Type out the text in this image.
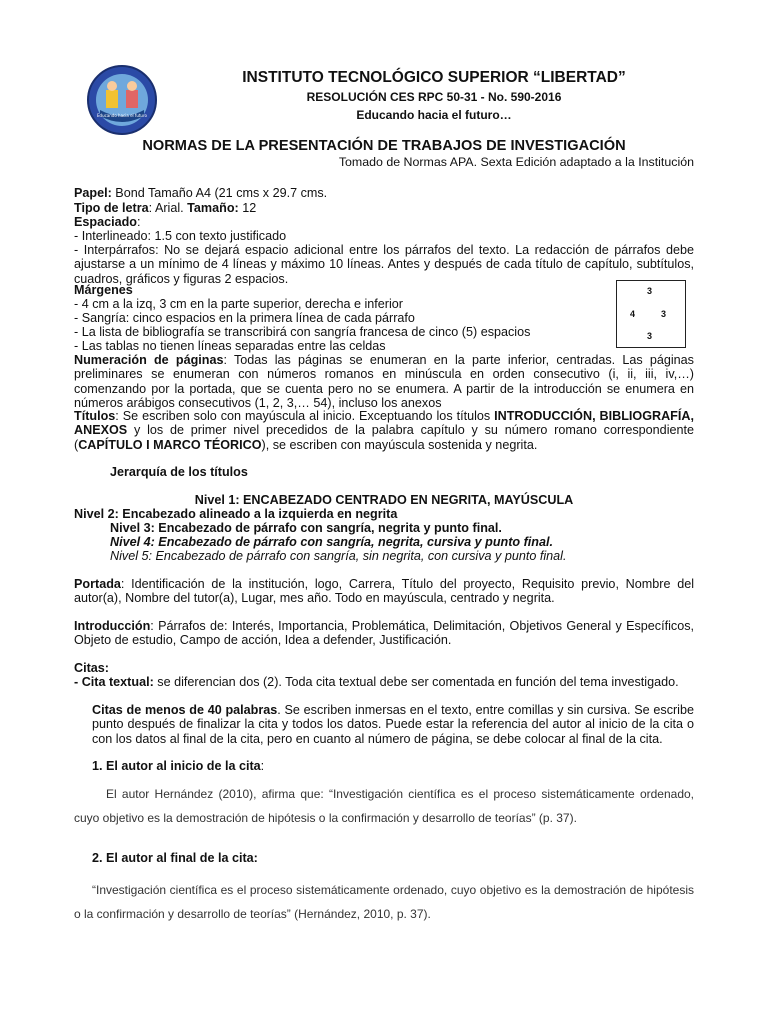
Educando hacia el futuro
INSTITUTO TECNOLÓGICO SUPERIOR “LIBERTAD”
RESOLUCIÓN CES RPC 50-31 - No. 590-2016
Educando hacia el futuro…
NORMAS DE LA PRESENTACIÓN DE TRABAJOS DE INVESTIGACIÓN
Tomado de Normas APA. Sexta Edición adaptado a la Institución
Papel: Bond Tamaño A4 (21 cms x 29.7 cms.
Tipo de letra: Arial. Tamaño: 12
Espaciado:
- Interlineado: 1.5 con texto justificado
- Interpárrafos: No se dejará espacio adicional entre los párrafos del texto. La redacción de párrafos debe ajustarse a un mínimo de 4 líneas y máximo 10 líneas. Antes y después de cada título de capítulo, subtítulos, cuadros, gráficos y figuras 2 espacios.
Márgenes
- 4 cm a la izq, 3 cm en la parte superior, derecha e inferior
- Sangría: cinco espacios en la primera línea de cada párrafo
- La lista de bibliografía se transcribirá con sangría francesa de cinco (5) espacios
- Las tablas no tienen líneas separadas entre las celdas
3
4	3
3
Numeración de páginas: Todas las páginas se enumeran en la parte inferior, centradas. Las páginas preliminares se enumeran con números romanos en minúscula en orden consecutivo (i, ii, iii, iv,…) comenzando por la portada, que se cuenta pero no se enumera. A partir de la introducción se enumera en números arábigos consecutivos (1, 2, 3,… 54), incluso los anexos
Títulos: Se escriben solo con mayúscula al inicio. Exceptuando los títulos INTRODUCCIÓN, BIBLIOGRAFÍA, ANEXOS y los de primer nivel precedidos de la palabra capítulo y su número romano correspondiente (CAPÍTULO I MARCO TÉORICO), se escriben con mayúscula sostenida y negrita.
Jerarquía de los títulos
Nivel 1: ENCABEZADO CENTRADO EN NEGRITA, MAYÚSCULA
Nivel 2: Encabezado alineado a la izquierda en negrita
Nivel 3: Encabezado de párrafo con sangría, negrita y punto final.
Nivel 4: Encabezado de párrafo con sangría, negrita, cursiva y punto final.
Nivel 5: Encabezado de párrafo con sangría, sin negrita, con cursiva y punto final.
Portada: Identificación de la institución, logo, Carrera, Título del proyecto, Requisito previo, Nombre del autor(a), Nombre del tutor(a), Lugar, mes año. Todo en mayúscula, centrado y negrita.
Introducción: Párrafos de: Interés, Importancia, Problemática, Delimitación, Objetivos General y Específicos, Objeto de estudio, Campo de acción, Idea a defender, Justificación.
Citas:
- Cita textual: se diferencian dos (2). Toda cita textual debe ser comentada en función del tema investigado.
Citas de menos de 40 palabras. Se escriben inmersas en el texto, entre comillas y sin cursiva. Se escribe punto después de finalizar la cita y todos los datos. Puede estar la referencia del autor al inicio de la cita o con los datos al final de la cita, pero en cuanto al número de página, se debe colocar al final de la cita.
1. El autor al inicio de la cita:
El autor Hernández (2010), afirma que: “Investigación científica es el proceso sistemáticamente ordenado, cuyo objetivo es la demostración de hipótesis o la confirmación y desarrollo de teorías” (p. 37).
2. El autor al final de la cita:
“Investigación científica es el proceso sistemáticamente ordenado, cuyo objetivo es la demostración de hipótesis o la confirmación y desarrollo de teorías” (Hernández, 2010, p. 37).
